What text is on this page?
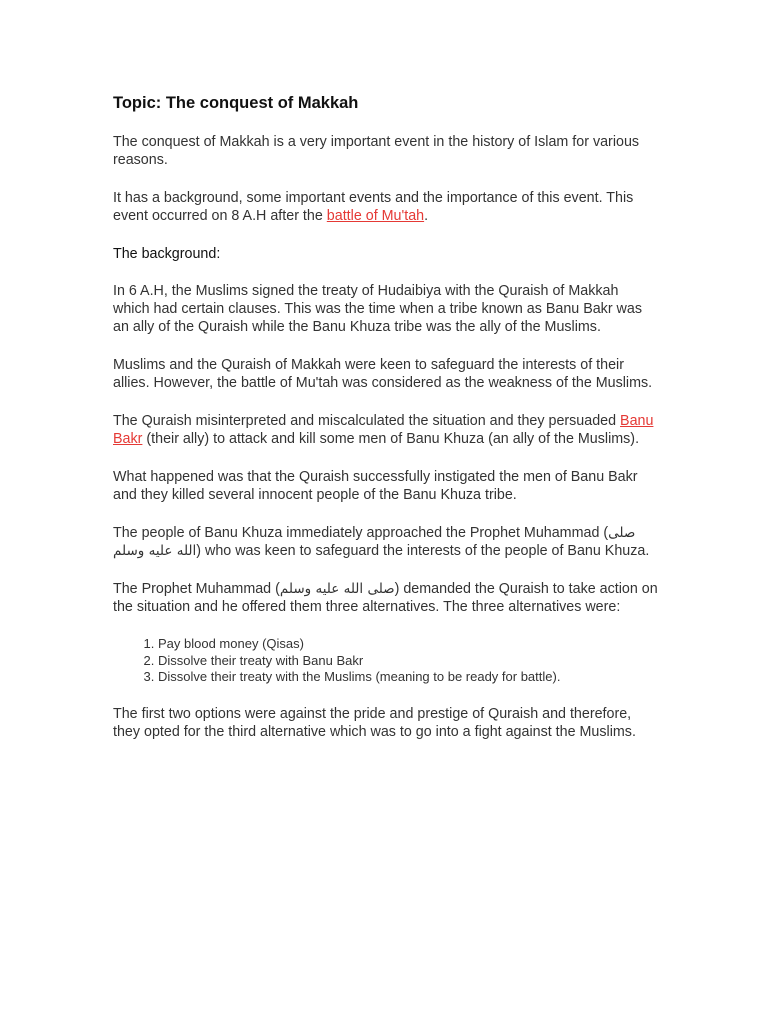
Topic: The conquest of Makkah

The conquest of Makkah is a very important event in the history of Islam for various reasons.

It has a background, some important events and the importance of this event. This event occurred on 8 A.H after the battle of Mu'tah.

The background:

In 6 A.H, the Muslims signed the treaty of Hudaibiya with the Quraish of Makkah which had certain clauses. This was the time when a tribe known as Banu Bakr was an ally of the Quraish while the Banu Khuza tribe was the ally of the Muslims.

Muslims and the Quraish of Makkah were keen to safeguard the interests of their allies. However, the battle of Mu'tah was considered as the weakness of the Muslims.

The Quraish misinterpreted and miscalculated the situation and they persuaded Banu Bakr (their ally) to attack and kill some men of Banu Khuza (an ally of the Muslims).

What happened was that the Quraish successfully instigated the men of Banu Bakr and they killed several innocent people of the Banu Khuza tribe.

The people of Banu Khuza immediately approached the Prophet Muhammad (صلى الله عليه وسلم) who was keen to safeguard the interests of the people of Banu Khuza.

The Prophet Muhammad (صلى الله عليه وسلم) demanded the Quraish to take action on the situation and he offered them three alternatives. The three alternatives were:

1. Pay blood money (Qisas)
2. Dissolve their treaty with Banu Bakr
3. Dissolve their treaty with the Muslims (meaning to be ready for battle).

The first two options were against the pride and prestige of Quraish and therefore, they opted for the third alternative which was to go into a fight against the Muslims.
